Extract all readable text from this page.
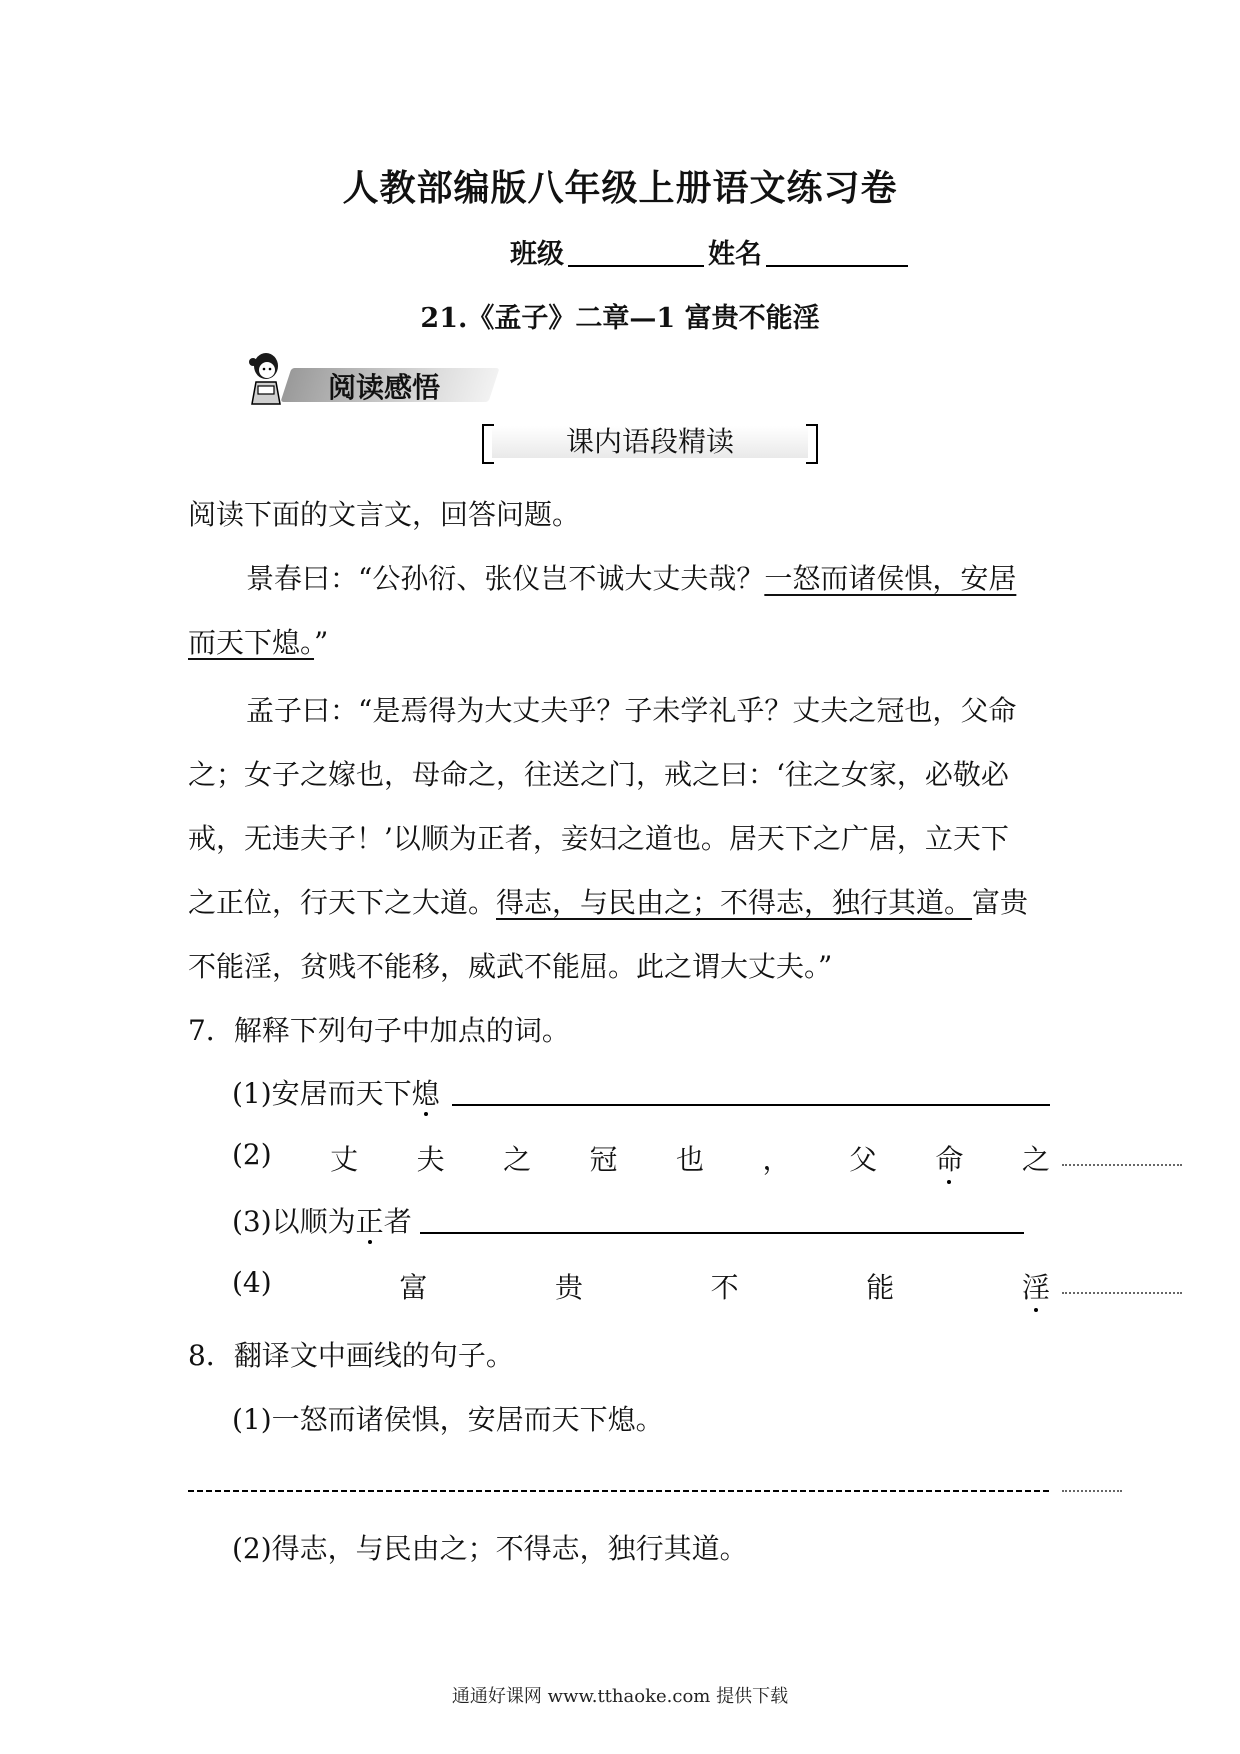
人教部编版八年级上册语文练习卷
班级	姓名
21.《孟子》二章—1 富贵不能淫
阅读感悟
课内语段精读
阅读下面的文言文，回答问题。
景春曰：“公孙衍、张仪岂不诚大丈夫哉？一怒而诸侯惧，安居
而天下熄。”
孟子曰：“是焉得为大丈夫乎？子未学礼乎？丈夫之冠也，父命
之；女子之嫁也，母命之，往送之门，戒之曰：‘往之女家，必敬必
戒，无违夫子！’以顺为正者，妾妇之道也。居天下之广居，立天下
之正位，行天下之大道。得志，与民由之；不得志，独行其道。富贵
不能淫，贫贱不能移，威武不能屈。此之谓大丈夫。”
7．解释下列句子中加点的词。
(1)安居而天下熄
(2) 丈 夫 之 冠 也 ， 父 命 之
(3)以顺为正者
(4)	富	贵	不	能	淫
8．翻译文中画线的句子。
(1)一怒而诸侯惧，安居而天下熄。
(2)得志，与民由之；不得志，独行其道。
通通好课网 www.tthaoke.com 提供下载
